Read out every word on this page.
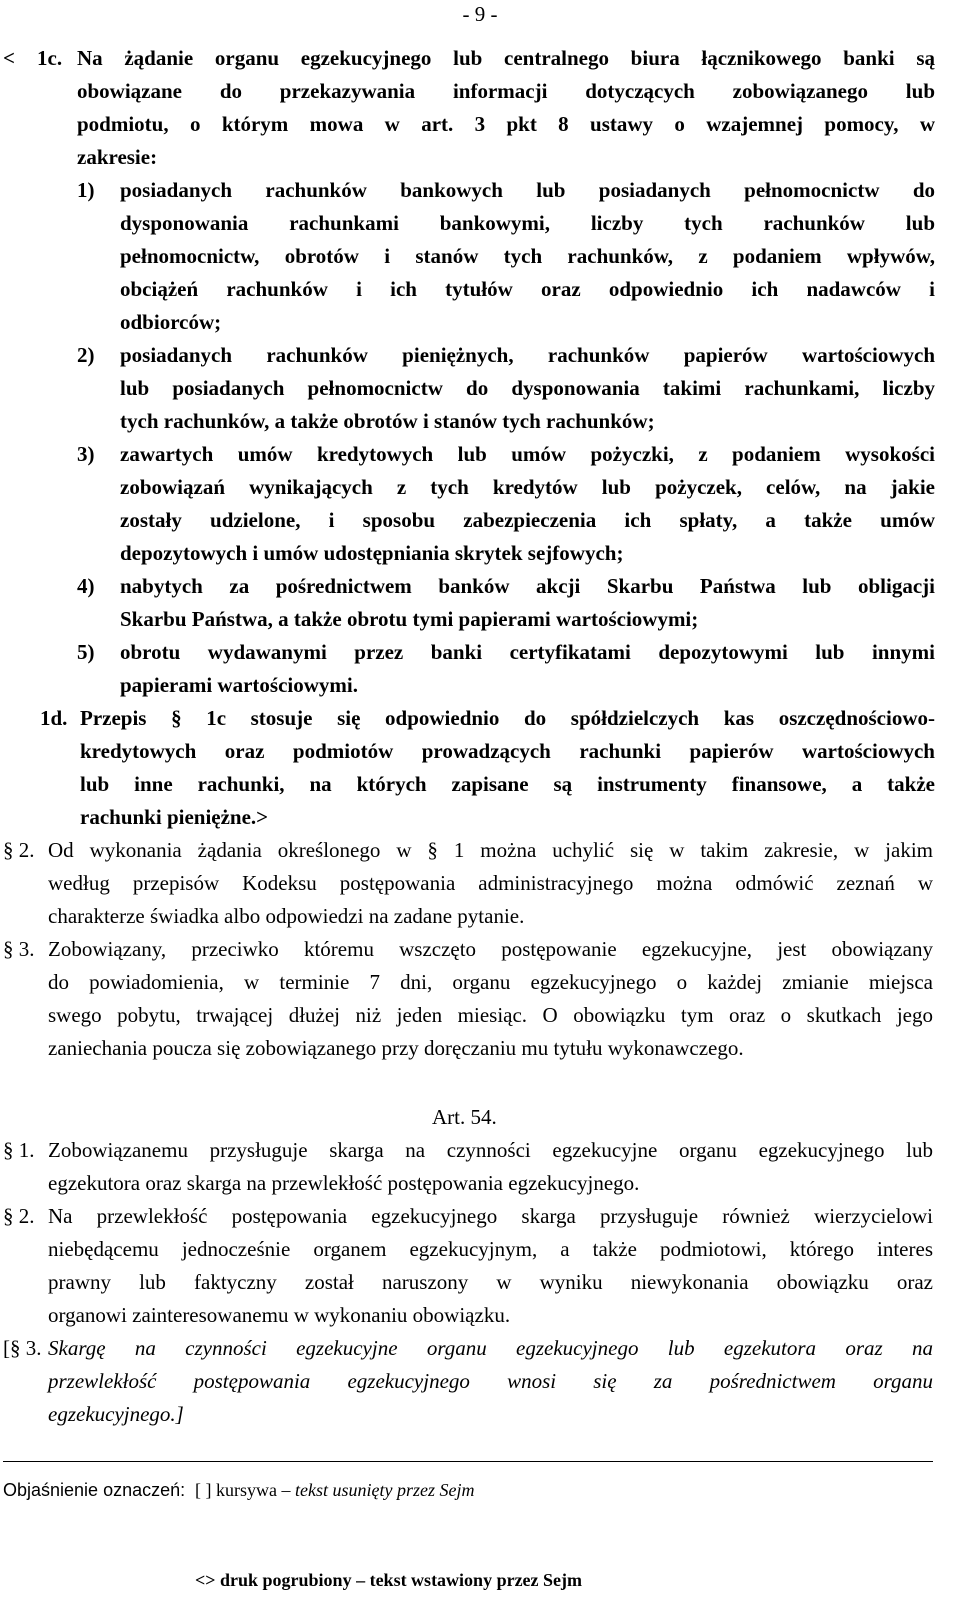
- 9 -
< 1c. Na żądanie organu egzekucyjnego lub centralnego biura łącznikowego banki są
obowiązane do przekazywania informacji dotyczących zobowiązanego lub
podmiotu, o którym mowa w art. 3 pkt 8 ustawy o wzajemnej pomocy, w
zakresie:
1) posiadanych rachunków bankowych lub posiadanych pełnomocnictw do
dysponowania rachunkami bankowymi, liczby tych rachunków lub
pełnomocnictw, obrotów i stanów tych rachunków, z podaniem wpływów,
obciążeń rachunków i ich tytułów oraz odpowiednio ich nadawców i
odbiorców;
2) posiadanych rachunków pieniężnych, rachunków papierów wartościowych
lub posiadanych pełnomocnictw do dysponowania takimi rachunkami, liczby
tych rachunków, a także obrotów i stanów tych rachunków;
3) zawartych umów kredytowych lub umów pożyczki, z podaniem wysokości
zobowiązań wynikających z tych kredytów lub pożyczek, celów, na jakie
zostały udzielone, i sposobu zabezpieczenia ich spłaty, a także umów
depozytowych i umów udostępniania skrytek sejfowych;
4) nabytych za pośrednictwem banków akcji Skarbu Państwa lub obligacji
Skarbu Państwa, a także obrotu tymi papierami wartościowymi;
5) obrotu wydawanymi przez banki certyfikatami depozytowymi lub innymi
papierami wartościowymi.
1d. Przepis § 1c stosuje się odpowiednio do spółdzielczych kas oszczędnościowo-
kredytowych oraz podmiotów prowadzących rachunki papierów wartościowych
lub inne rachunki, na których zapisane są instrumenty finansowe, a także
rachunki pieniężne.>
§ 2. Od wykonania żądania określonego w § 1 można uchylić się w takim zakresie, w jakim
według przepisów Kodeksu postępowania administracyjnego można odmówić zeznań w
charakterze świadka albo odpowiedzi na zadane pytanie.
§ 3. Zobowiązany, przeciwko któremu wszczęto postępowanie egzekucyjne, jest obowiązany
do powiadomienia, w terminie 7 dni, organu egzekucyjnego o każdej zmianie miejsca
swego pobytu, trwającej dłużej niż jeden miesiąc. O obowiązku tym oraz o skutkach jego
zaniechania poucza się zobowiązanego przy doręczaniu mu tytułu wykonawczego.
Art. 54.
§ 1. Zobowiązanemu przysługuje skarga na czynności egzekucyjne organu egzekucyjnego lub
egzekutora oraz skarga na przewlekłość postępowania egzekucyjnego.
§ 2. Na przewlekłość postępowania egzekucyjnego skarga przysługuje również wierzycielowi
niebędącemu jednocześnie organem egzekucyjnym, a także podmiotowi, którego interes
prawny lub faktyczny został naruszony w wyniku niewykonania obowiązku oraz
organowi zainteresowanemu w wykonaniu obowiązku.
[§ 3. Skargę na czynności egzekucyjne organu egzekucyjnego lub egzekutora oraz na
przewlekłość postępowania egzekucyjnego wnosi się za pośrednictwem organu
egzekucyjnego.]
Objaśnienie oznaczeń: [ ] kursywa – tekst usunięty przez Sejm
<> druk pogrubiony – tekst wstawiony przez Sejm
